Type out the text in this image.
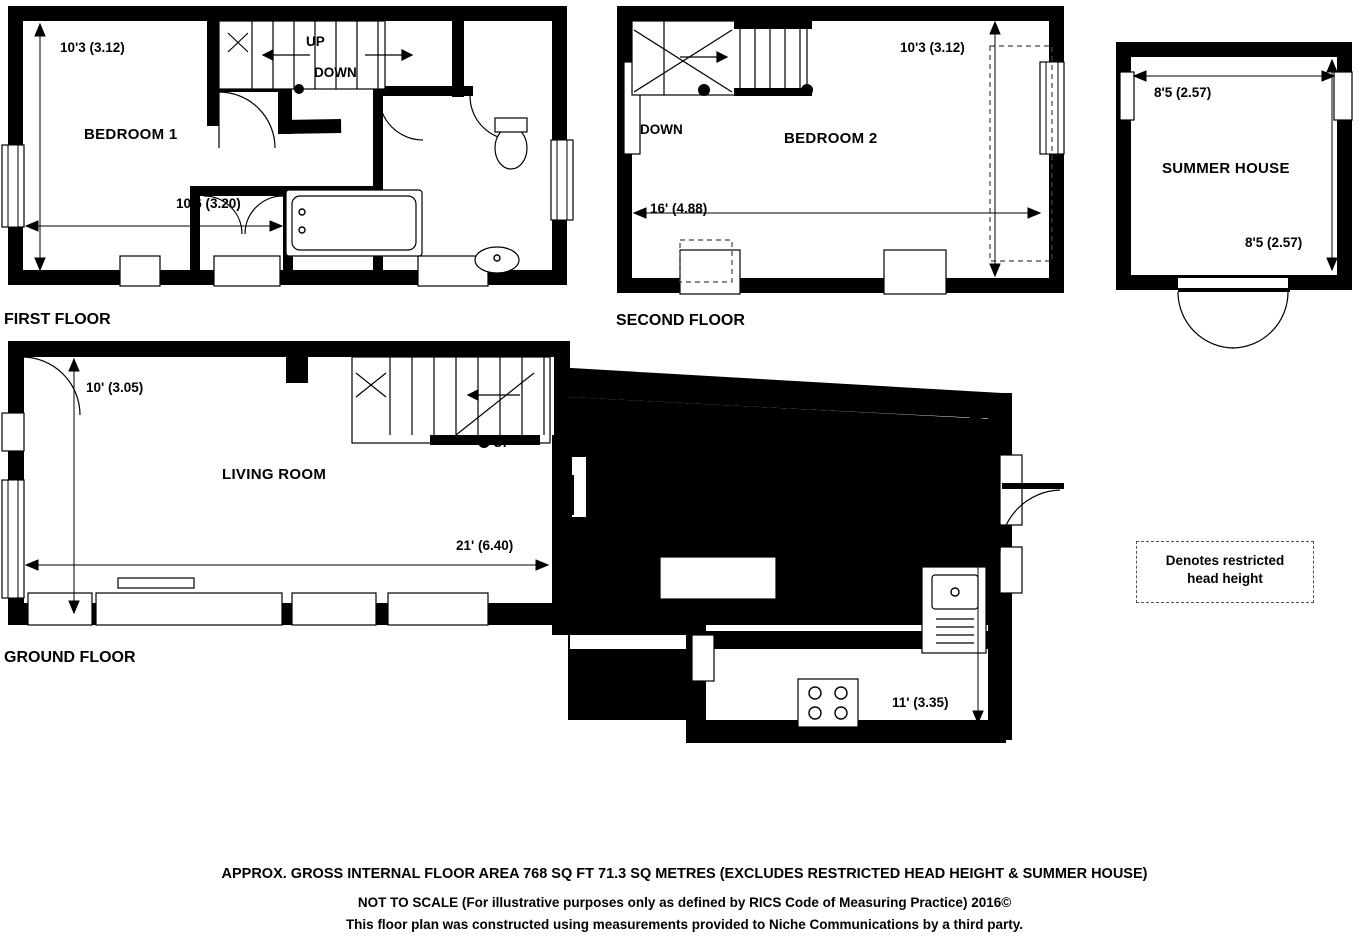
10'3 (3.12)
10'6 (3.20)
BEDROOM 1
UP
DOWN
FIRST FLOOR
10'3 (3.12)
16' (4.88)
BEDROOM 2
DOWN
SECOND FLOOR
8'5 (2.57)
8'5 (2.57)
SUMMER HOUSE
10' (3.05)
21' (6.40)
17'5 (5.31)
11' (3.35)
LIVING ROOM
KITCHEN
UP
GROUND FLOOR
Denotes restricted
head height
APPROX. GROSS INTERNAL FLOOR AREA 768 SQ FT 71.3 SQ METRES (EXCLUDES RESTRICTED HEAD HEIGHT & SUMMER HOUSE)
NOT TO SCALE (For illustrative purposes only as defined by RICS Code of Measuring Practice) 2016©
This floor plan was constructed using measurements provided to Niche Communications by a third party.
